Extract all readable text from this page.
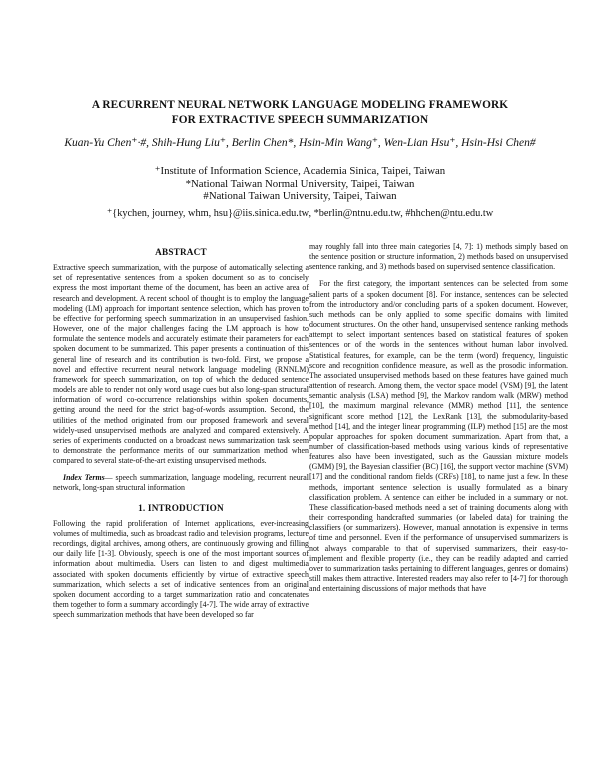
A RECURRENT NEURAL NETWORK LANGUAGE MODELING FRAMEWORK
FOR EXTRACTIVE SPEECH SUMMARIZATION
Kuan-Yu Chen⁺·#, Shih-Hung Liu⁺, Berlin Chen*, Hsin-Min Wang⁺, Wen-Lian Hsu⁺, Hsin-Hsi Chen#
⁺Institute of Information Science, Academia Sinica, Taipei, Taiwan
*National Taiwan Normal University, Taipei, Taiwan
#National Taiwan University, Taipei, Taiwan
⁺{kychen, journey, whm, hsu}@iis.sinica.edu.tw, *berlin@ntnu.edu.tw, #hhchen@ntu.edu.tw
ABSTRACT

Extractive speech summarization, with the purpose of automatically selecting a set of representative sentences from a spoken document so as to concisely express the most important theme of the document, has been an active area of research and development. A recent school of thought is to employ the language modeling (LM) approach for important sentence selection, which has proven to be effective for performing speech summarization in an unsupervised fashion. However, one of the major challenges facing the LM approach is how to formulate the sentence models and accurately estimate their parameters for each spoken document to be summarized. This paper presents a continuation of this general line of research and its contribution is two-fold. First, we propose a novel and effective recurrent neural network language modeling (RNNLM) framework for speech summarization, on top of which the deduced sentence models are able to render not only word usage cues but also long-span structural information of word co-occurrence relationships within spoken documents, getting around the need for the strict bag-of-words assumption. Second, the utilities of the method originated from our proposed framework and several widely-used unsupervised methods are analyzed and compared extensively. A series of experiments conducted on a broadcast news summarization task seem to demonstrate the performance merits of our summarization method when compared to several state-of-the-art existing unsupervised methods.

Index Terms— speech summarization, language modeling, recurrent neural network, long-span structural information

1. INTRODUCTION

Following the rapid proliferation of Internet applications, ever-increasing volumes of multimedia, such as broadcast radio and television programs, lecture recordings, digital archives, among others, are continuously growing and filling our daily life [1-3]. Obviously, speech is one of the most important sources of information about multimedia. Users can listen to and digest multimedia associated with spoken documents efficiently by virtue of extractive speech summarization, which selects a set of indicative sentences from an original spoken document according to a target summarization ratio and concatenates them together to form a summary accordingly [4-7]. The wide array of extractive speech summarization methods that have been developed so far

may roughly fall into three main categories [4, 7]: 1) methods simply based on the sentence position or structure information, 2) methods based on unsupervised sentence ranking, and 3) methods based on supervised sentence classification.

For the first category, the important sentences can be selected from some salient parts of a spoken document [8]. For instance, sentences can be selected from the introductory and/or concluding parts of a spoken document. However, such methods can be only applied to some specific domains with limited document structures. On the other hand, unsupervised sentence ranking methods attempt to select important sentences based on statistical features of spoken sentences or of the words in the sentences without human labor involved. Statistical features, for example, can be the term (word) frequency, linguistic score and recognition confidence measure, as well as the prosodic information. The associated unsupervised methods based on these features have gained much attention of research. Among them, the vector space model (VSM) [9], the latent semantic analysis (LSA) method [9], the Markov random walk (MRW) method [10], the maximum marginal relevance (MMR) method [11], the sentence significant score method [12], the LexRank [13], the submodularity-based method [14], and the integer linear programming (ILP) method [15] are the most popular approaches for spoken document summarization. Apart from that, a number of classification-based methods using various kinds of representative features also have been investigated, such as the Gaussian mixture models (GMM) [9], the Bayesian classifier (BC) [16], the support vector machine (SVM) [17] and the conditional random fields (CRFs) [18], to name just a few. In these methods, important sentence selection is usually formulated as a binary classification problem. A sentence can either be included in a summary or not. These classification-based methods need a set of training documents along with their corresponding handcrafted summaries (or labeled data) for training the classifiers (or summarizers). However, manual annotation is expensive in terms of time and personnel. Even if the performance of unsupervised summarizers is not always comparable to that of supervised summarizers, their easy-to-implement and flexible property (i.e., they can be readily adapted and carried over to summarization tasks pertaining to different languages, genres or domains) still makes them attractive. Interested readers may also refer to [4-7] for thorough and entertaining discussions of major methods that have
